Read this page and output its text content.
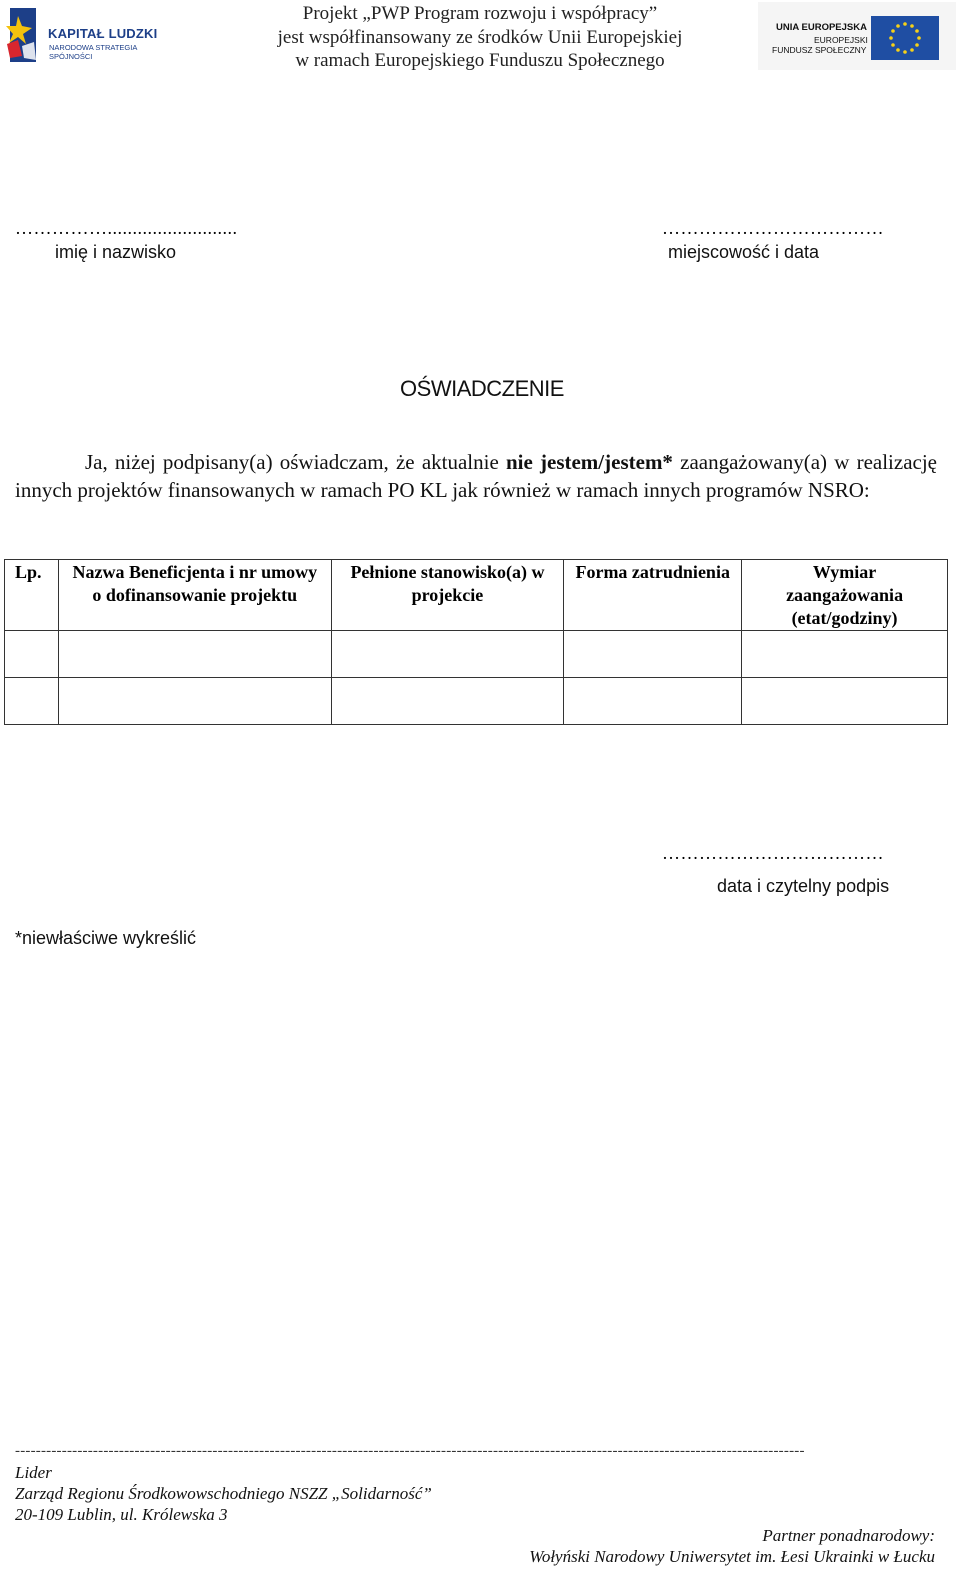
KAPITAŁ LUDZKI
NARODOWA STRATEGIA SPÓJNOŚCI
Projekt „PWP Program rozwoju i współpracy”
jest współfinansowany ze środków Unii Europejskiej
w ramach Europejskiego Funduszu Społecznego
UNIA EUROPEJSKA
EUROPEJSKI
FUNDUSZ SPOŁECZNY
……………..........................
imię i nazwisko
………………………………
miejscowość i data
OŚWIADCZENIE
Ja, niżej podpisany(a) oświadczam, że aktualnie nie jestem/jestem* zaangażowany(a) w realizację innych projektów finansowanych w ramach PO KL jak również w ramach innych programów NSRO:
Lp.	Nazwa Beneficjenta i nr umowy o dofinansowanie projektu	Pełnione stanowisko(a) w projekcie	Forma zatrudnienia	Wymiar zaangażowania (etat/godziny)

………………………………
data i czytelny podpis
*niewłaściwe wykreślić
--------------------------------------------------------------------------------------------------------------------------------------------------------
Lider
Zarząd Regionu Środkowowschodniego NSZZ „Solidarność”
20-109 Lublin, ul. Królewska 3
Partner ponadnarodowy:
Wołyński Narodowy Uniwersytet im. Łesi Ukrainki w Łucku
